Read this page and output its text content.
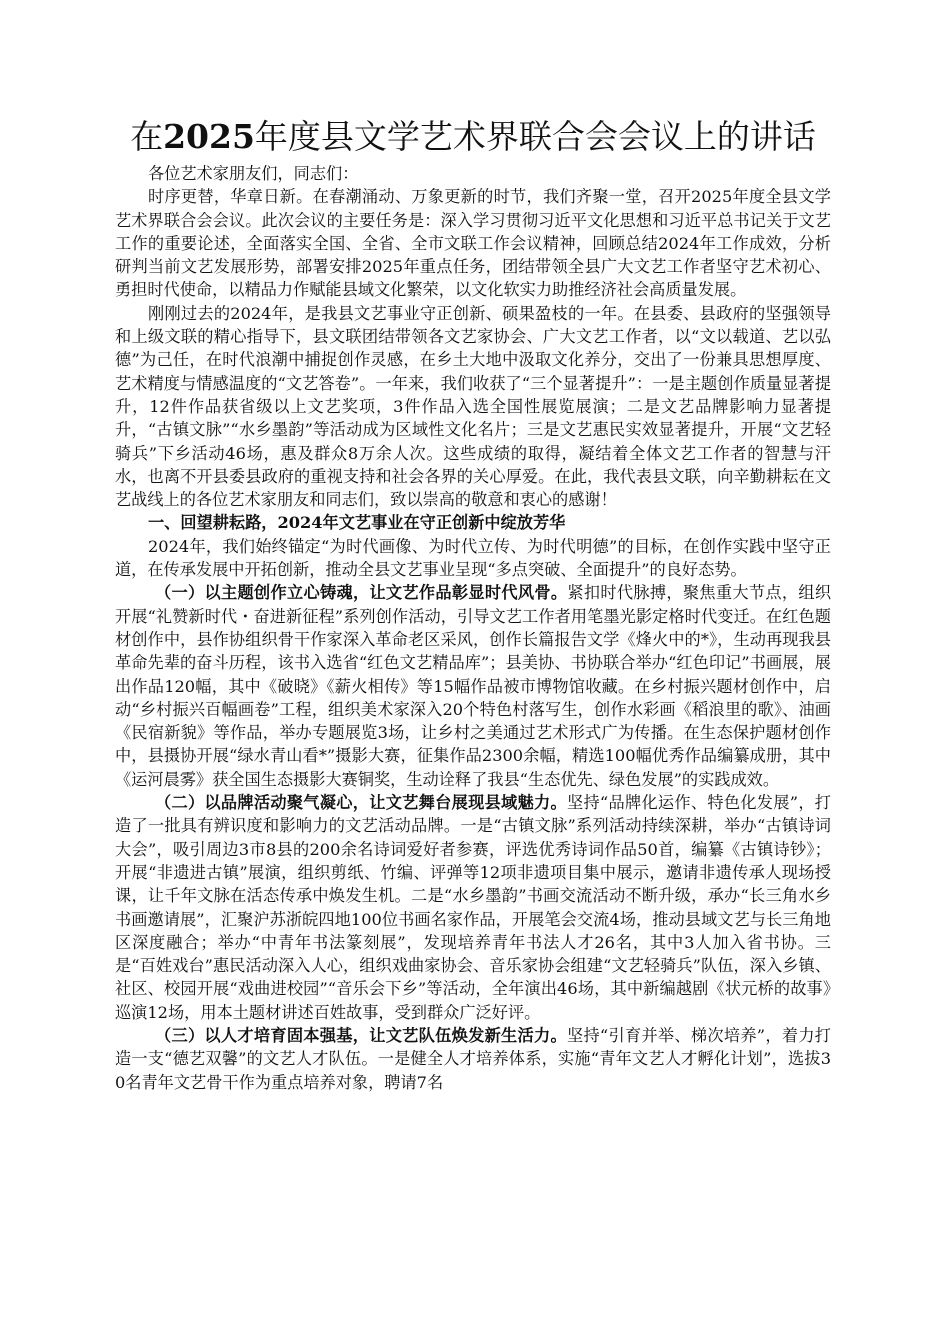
在2025年度县文学艺术界联合会会议上的讲话

各位艺术家朋友们，同志们：

时序更替，华章日新。在春潮涌动、万象更新的时节，我们齐聚一堂，召开2025年度全县文学艺术界联合会会议。此次会议的主要任务是：深入学习贯彻习近平文化思想和习近平总书记关于文艺工作的重要论述，全面落实全国、全省、全市文联工作会议精神，回顾总结2024年工作成效，分析研判当前文艺发展形势，部署安排2025年重点任务，团结带领全县广大文艺工作者坚守艺术初心、勇担时代使命，以精品力作赋能县域文化繁荣，以文化软实力助推经济社会高质量发展。

刚刚过去的2024年，是我县文艺事业守正创新、硕果盈枝的一年。在县委、县政府的坚强领导和上级文联的精心指导下，县文联团结带领各文艺家协会、广大文艺工作者，以“文以载道、艺以弘德”为己任，在时代浪潮中捕捉创作灵感，在乡土大地中汲取文化养分，交出了一份兼具思想厚度、艺术精度与情感温度的“文艺答卷”。一年来，我们收获了“三个显著提升”：一是主题创作质量显著提升，12件作品获省级以上文艺奖项，3件作品入选全国性展览展演；二是文艺品牌影响力显著提升，“古镇文脉”“水乡墨韵”等活动成为区域性文化名片；三是文艺惠民实效显著提升，开展“文艺轻骑兵”下乡活动46场，惠及群众8万余人次。这些成绩的取得，凝结着全体文艺工作者的智慧与汗水，也离不开县委县政府的重视支持和社会各界的关心厚爱。在此，我代表县文联，向辛勤耕耘在文艺战线上的各位艺术家朋友和同志们，致以崇高的敬意和衷心的感谢！

一、回望耕耘路，2024年文艺事业在守正创新中绽放芳华

2024年，我们始终锚定“为时代画像、为时代立传、为时代明德”的目标，在创作实践中坚守正道，在传承发展中开拓创新，推动全县文艺事业呈现“多点突破、全面提升”的良好态势。

（一）以主题创作立心铸魂，让文艺作品彰显时代风骨。紧扣时代脉搏，聚焦重大节点，组织开展“礼赞新时代・奋进新征程”系列创作活动，引导文艺工作者用笔墨光影定格时代变迁。在红色题材创作中，县作协组织骨干作家深入革命老区采风，创作长篇报告文学《烽火中的*》，生动再现我县革命先辈的奋斗历程，该书入选省“红色文艺精品库”；县美协、书协联合举办“红色印记”书画展，展出作品120幅，其中《破晓》《薪火相传》等15幅作品被市博物馆收藏。在乡村振兴题材创作中，启动“乡村振兴百幅画卷”工程，组织美术家深入20个特色村落写生，创作水彩画《稻浪里的歌》、油画《民宿新貌》等作品，举办专题展览3场，让乡村之美通过艺术形式广为传播。在生态保护题材创作中，县摄协开展“绿水青山看*”摄影大赛，征集作品2300余幅，精选100幅优秀作品编纂成册，其中《运河晨雾》获全国生态摄影大赛铜奖，生动诠释了我县“生态优先、绿色发展”的实践成效。

（二）以品牌活动聚气凝心，让文艺舞台展现县域魅力。坚持“品牌化运作、特色化发展”，打造了一批具有辨识度和影响力的文艺活动品牌。一是“古镇文脉”系列活动持续深耕，举办“古镇诗词大会”，吸引周边3市8县的200余名诗词爱好者参赛，评选优秀诗词作品50首，编纂《古镇诗钞》；开展“非遗进古镇”展演，组织剪纸、竹编、评弹等12项非遗项目集中展示，邀请非遗传承人现场授课，让千年文脉在活态传承中焕发生机。二是“水乡墨韵”书画交流活动不断升级，承办“长三角水乡书画邀请展”，汇聚沪苏浙皖四地100位书画名家作品，开展笔会交流4场，推动县域文艺与长三角地区深度融合；举办“中青年书法篆刻展”，发现培养青年书法人才26名，其中3人加入省书协。三是“百姓戏台”惠民活动深入人心，组织戏曲家协会、音乐家协会组建“文艺轻骑兵”队伍，深入乡镇、社区、校园开展“戏曲进校园”“音乐会下乡”等活动，全年演出46场，其中新编越剧《状元桥的故事》巡演12场，用本土题材讲述百姓故事，受到群众广泛好评。

（三）以人才培育固本强基，让文艺队伍焕发新生活力。坚持“引育并举、梯次培养”，着力打造一支“德艺双馨”的文艺人才队伍。一是健全人才培养体系，实施“青年文艺人才孵化计划”，选拔30名青年文艺骨干作为重点培养对象，聘请7名
